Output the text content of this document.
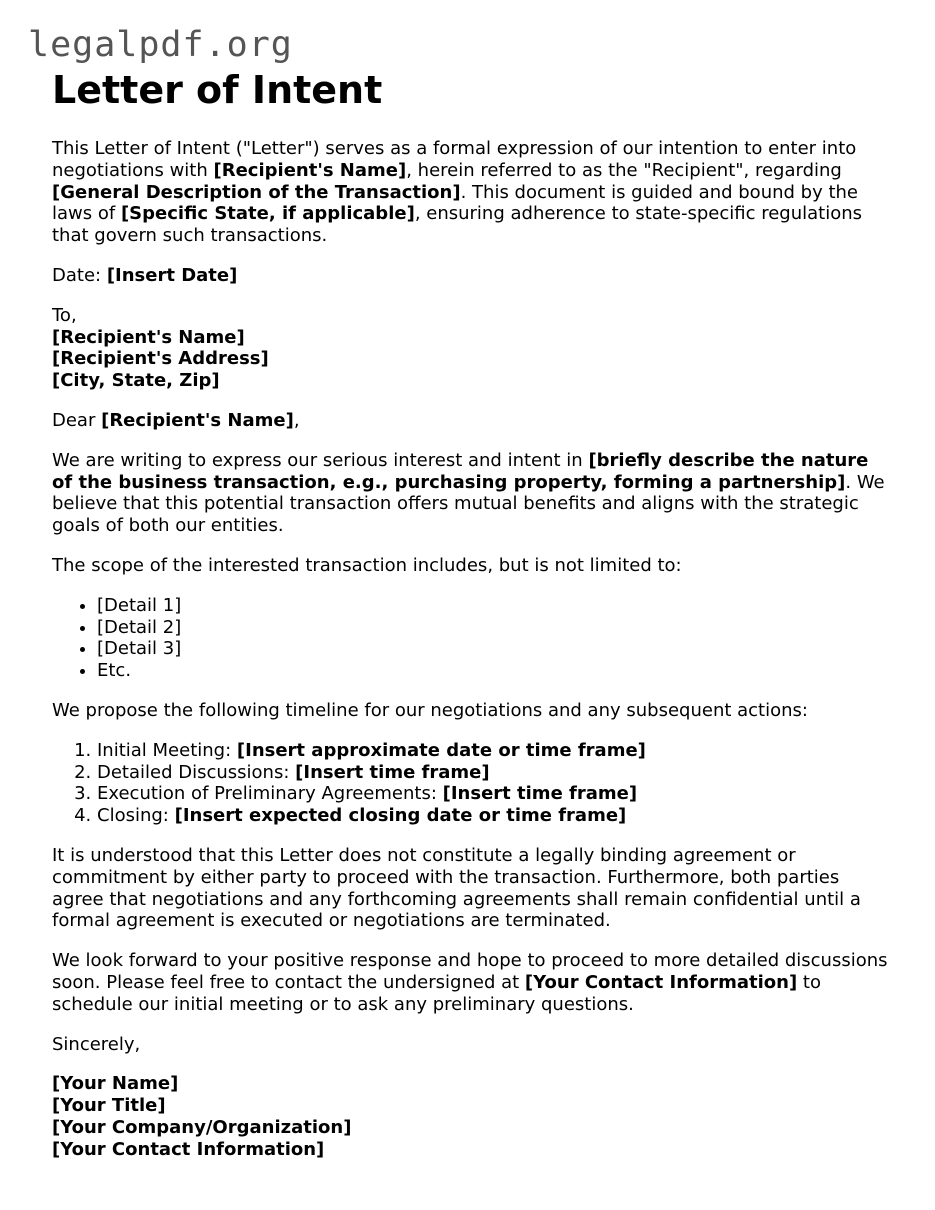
legalpdf.org
Letter of Intent

This Letter of Intent ("Letter") serves as a formal expression of our intention to enter into negotiations with [Recipient's Name], herein referred to as the "Recipient", regarding [General Description of the Transaction]. This document is guided and bound by the laws of [Specific State, if applicable], ensuring adherence to state-specific regulations that govern such transactions.

Date: [Insert Date]

To,
[Recipient's Name]
[Recipient's Address]
[City, State, Zip]

Dear [Recipient's Name],

We are writing to express our serious interest and intent in [briefly describe the nature of the business transaction, e.g., purchasing property, forming a partnership]. We believe that this potential transaction offers mutual benefits and aligns with the strategic goals of both our entities.

The scope of the interested transaction includes, but is not limited to:

• [Detail 1]
• [Detail 2]
• [Detail 3]
• Etc.

We propose the following timeline for our negotiations and any subsequent actions:

1. Initial Meeting: [Insert approximate date or time frame]
2. Detailed Discussions: [Insert time frame]
3. Execution of Preliminary Agreements: [Insert time frame]
4. Closing: [Insert expected closing date or time frame]

It is understood that this Letter does not constitute a legally binding agreement or commitment by either party to proceed with the transaction. Furthermore, both parties agree that negotiations and any forthcoming agreements shall remain confidential until a formal agreement is executed or negotiations are terminated.

We look forward to your positive response and hope to proceed to more detailed discussions soon. Please feel free to contact the undersigned at [Your Contact Information] to schedule our initial meeting or to ask any preliminary questions.

Sincerely,

[Your Name]
[Your Title]
[Your Company/Organization]
[Your Contact Information]
